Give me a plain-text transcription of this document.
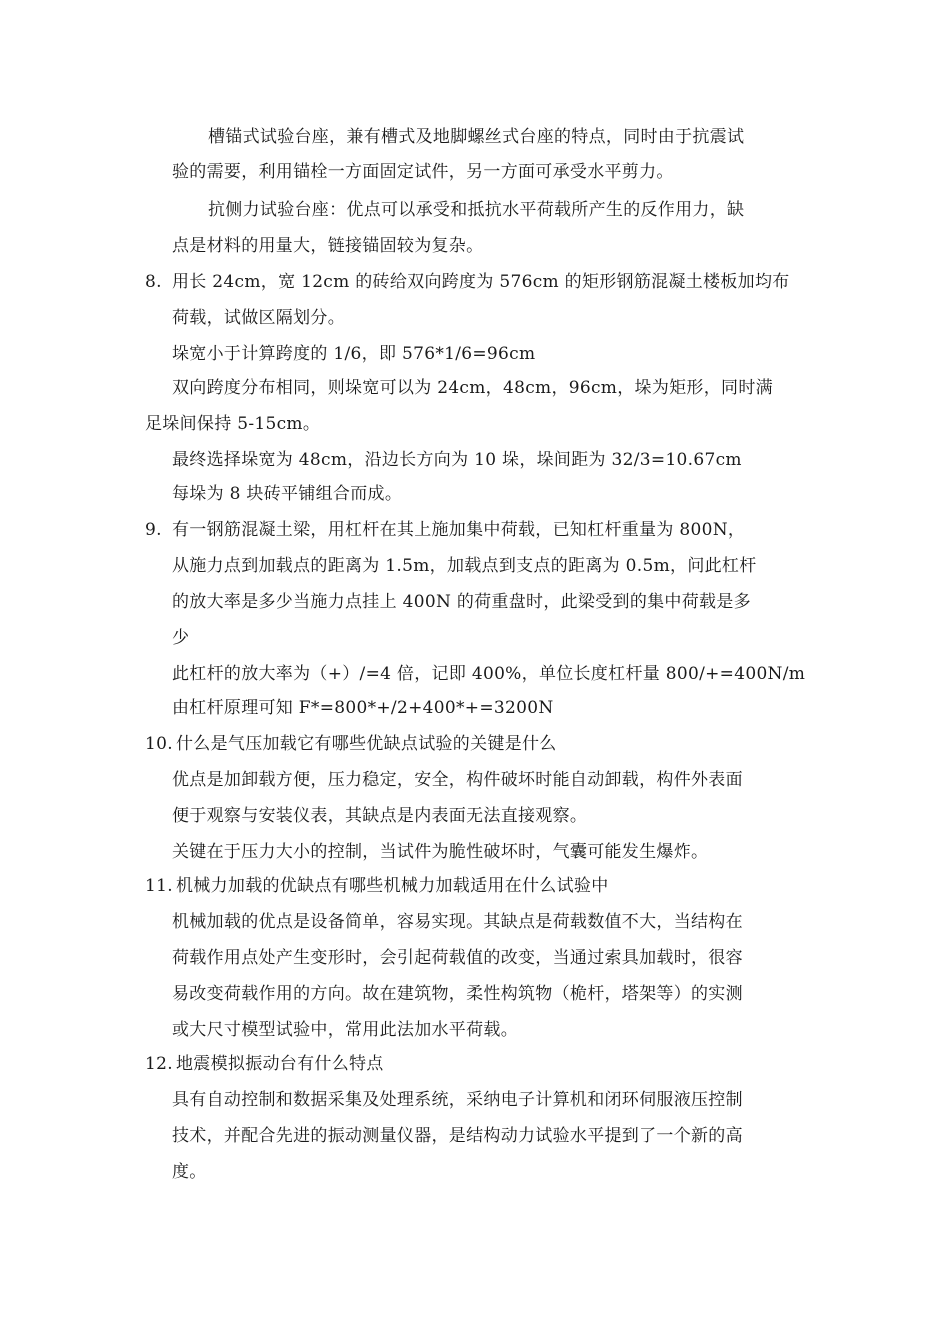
槽锚式试验台座，兼有槽式及地脚螺丝式台座的特点，同时由于抗震试
验的需要，利用锚栓一方面固定试件，另一方面可承受水平剪力。
抗侧力试验台座：优点可以承受和抵抗水平荷载所产生的反作用力，缺
点是材料的用量大，链接锚固较为复杂。
8. 用长 24cm，宽 12cm 的砖给双向跨度为 576cm 的矩形钢筋混凝土楼板加均布
荷载，试做区隔划分。
垛宽小于计算跨度的 1/6，即 576*1/6=96cm
双向跨度分布相同，则垛宽可以为 24cm，48cm，96cm，垛为矩形，同时满
足垛间保持 5-15cm。
最终选择垛宽为 48cm，沿边长方向为 10 垛，垛间距为 32/3=10.67cm
每垛为 8 块砖平铺组合而成。
9. 有一钢筋混凝土梁，用杠杆在其上施加集中荷载，已知杠杆重量为 800N，
从施力点到加载点的距离为 1.5m，加载点到支点的距离为 0.5m，问此杠杆
的放大率是多少当施力点挂上 400N 的荷重盘时，此梁受到的集中荷载是多
少
此杠杆的放大率为（+）/=4 倍，记即 400%，单位长度杠杆量 800/+=400N/m
由杠杆原理可知 F*=800*+/2+400*+=3200N
10. 什么是气压加载它有哪些优缺点试验的关键是什么
优点是加卸载方便，压力稳定，安全，构件破坏时能自动卸载，构件外表面
便于观察与安装仪表，其缺点是内表面无法直接观察。
关键在于压力大小的控制，当试件为脆性破坏时，气囊可能发生爆炸。
11. 机械力加载的优缺点有哪些机械力加载适用在什么试验中
机械加载的优点是设备简单，容易实现。其缺点是荷载数值不大，当结构在
荷载作用点处产生变形时，会引起荷载值的改变，当通过索具加载时，很容
易改变荷载作用的方向。故在建筑物，柔性构筑物（桅杆，塔架等）的实测
或大尺寸模型试验中，常用此法加水平荷载。
12. 地震模拟振动台有什么特点
具有自动控制和数据采集及处理系统，采纳电子计算机和闭环伺服液压控制
技术，并配合先进的振动测量仪器，是结构动力试验水平提到了一个新的高
度。
